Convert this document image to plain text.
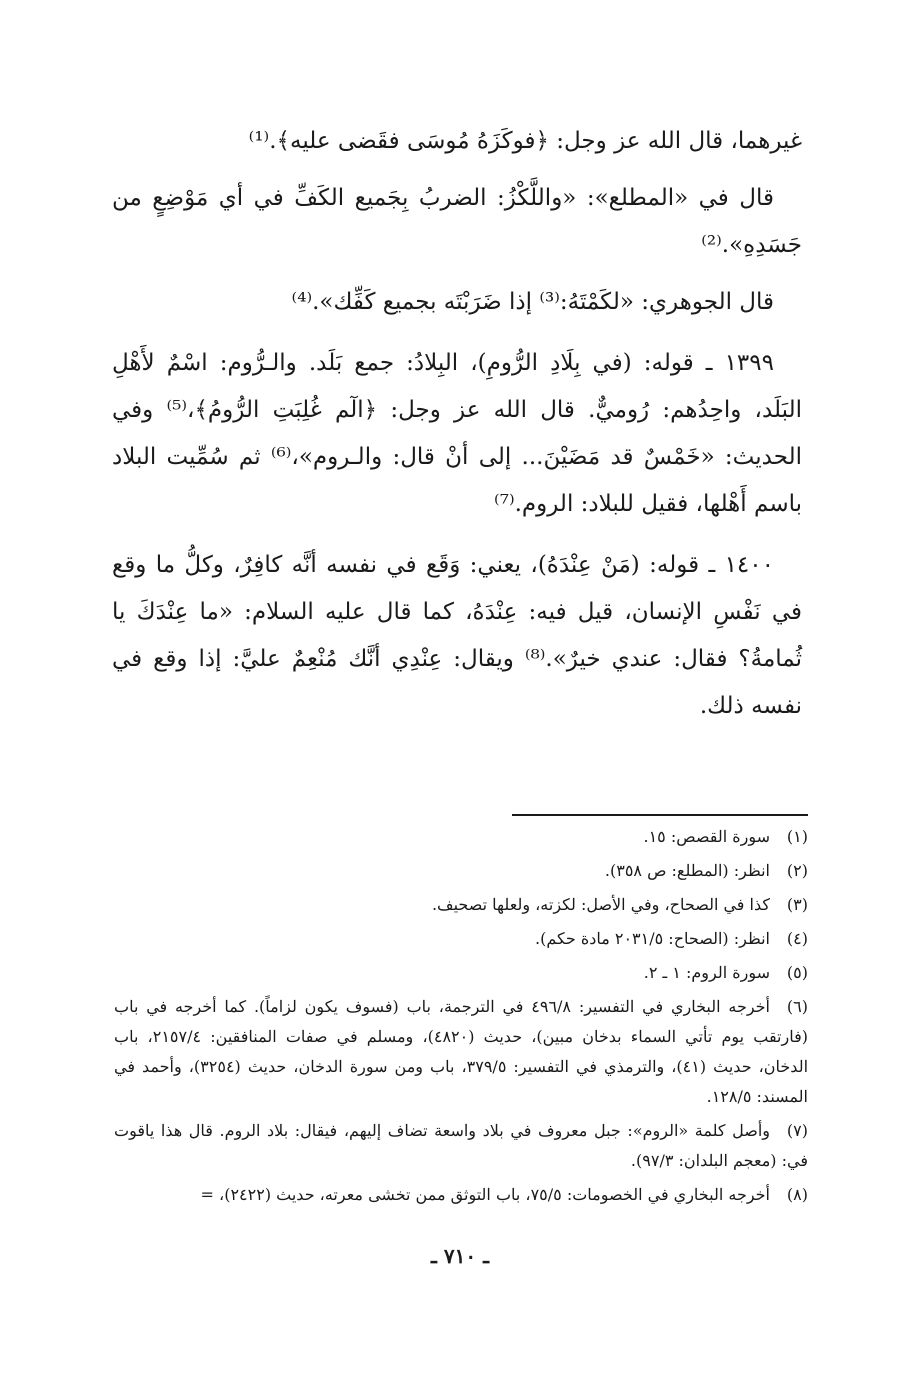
غيرهما، قال الله عز وجل: ﴿فوكَزَهُ مُوسَى فقَضى عليه﴾.⁽¹⁾

قال في «المطلع»: «واللَّكْزُ: الضربُ بِجَميع الكَفِّ في أي مَوْضِعٍ من جَسَدِهِ».⁽²⁾

قال الجوهري: «لكَمْتَهُ:⁽³⁾ إذا ضَرَبْتَه بجميع كَفِّك».⁽⁴⁾

١٣٩٩ ـ قوله: (في بِلَادِ الرُّومِ)، البِلادُ: جمع بَلَد. والـرُّوم: اسْمٌ لأَهْلِ البَلَد، واحِدُهم: رُوميٌّ. قال الله عز وجل: ﴿الٓم غُلِبَتِ الرُّومُ﴾،⁽⁵⁾ وفي الحديث: «خَمْسٌ قد مَضَيْنَ... إلى أنْ قال: والـروم»،⁽⁶⁾ ثم سُمِّيت البلاد باسم أَهْلها، فقيل للبلاد: الروم.⁽⁷⁾

١٤٠٠ ـ قوله: (مَنْ عِنْدَهُ)، يعني: وَقَع في نفسه أنَّه كافِرٌ، وكلُّ ما وقع في نَفْسِ الإنسان، قيل فيه: عِنْدَهُ، كما قال عليه السلام: «ما عِنْدَكَ يا ثُمامةُ؟ فقال: عندي خيرٌ».⁽⁸⁾ ويقال: عِنْدِي أنَّك مُنْعِمٌ عليَّ: إذا وقع في نفسه ذلك.

(١)سورة القصص: ١٥.

(٢)انظر: (المطلع: ص ٣٥٨).

(٣)كذا في الصحاح، وفي الأصل: لكزته، ولعلها تصحيف.

(٤)انظر: (الصحاح: ٢٠٣١/٥ مادة حكم).

(٥)سورة الروم: ١ ـ ٢.

(٦)أخرجه البخاري في التفسير: ٤٩٦/٨ في الترجمة، باب (فسوف يكون لزاماً). كما أخرجه في باب (فارتقب يوم تأتي السماء بدخان مبين)، حديث (٤٨٢٠)، ومسلم في صفات المنافقين: ٢١٥٧/٤، باب الدخان، حديث (٤١)، والترمذي في التفسير: ٣٧٩/٥، باب ومن سورة الدخان، حديث (٣٢٥٤)، وأحمد في المسند: ١٢٨/٥.

(٧)وأصل كلمة «الروم»: جبل معروف في بلاد واسعة تضاف إليهم، فيقال: بلاد الروم. قال هذا ياقوت في: (معجم البلدان: ٩٧/٣).

(٨)أخرجه البخاري في الخصومات: ٧٥/٥، باب التوثق ممن تخشى معرته، حديث (٢٤٢٢)، =

ـ ٧١٠ ـ
